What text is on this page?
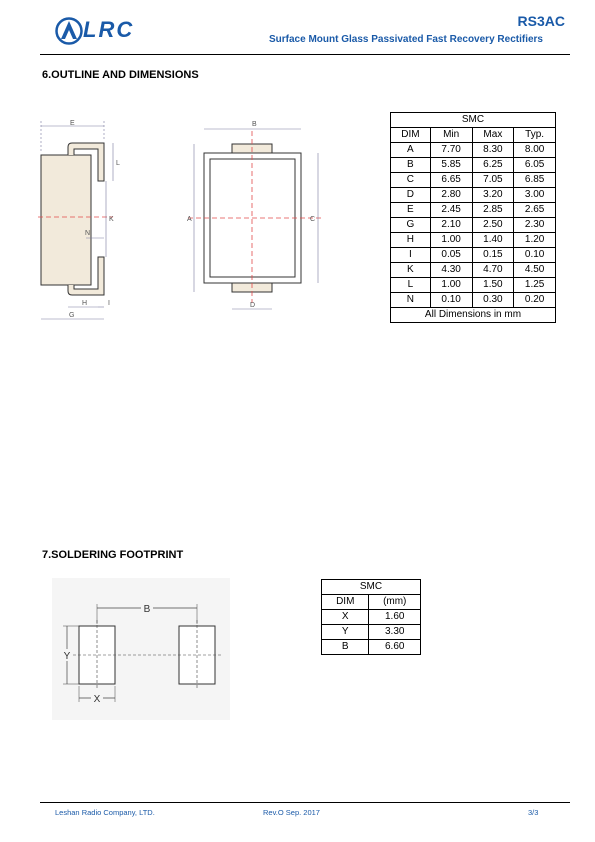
LRC	RS3AC
Surface Mount Glass Passivated Fast Recovery Rectifiers
6.OUTLINE AND DIMENSIONS
E
L
K
N
H	I
G
B
A	C
D
SMC			
DIM	Min	Max	Typ.
A	7.70	8.30	8.00
B	5.85	6.25	6.05
C	6.65	7.05	6.85
D	2.80	3.20	3.00
E	2.45	2.85	2.65
G	2.10	2.50	2.30
H	1.00	1.40	1.20
I	0.05	0.15	0.10
K	4.30	4.70	4.50
L	1.00	1.50	1.25
N	0.10	0.30	0.20
All Dimensions in mm			
7.SOLDERING FOOTPRINT
B
Y
X
SMC	
DIM	(mm)
X	1.60
Y	3.30
B	6.60
Leshan Radio Company, LTD.	Rev.O Sep. 2017	3/3
